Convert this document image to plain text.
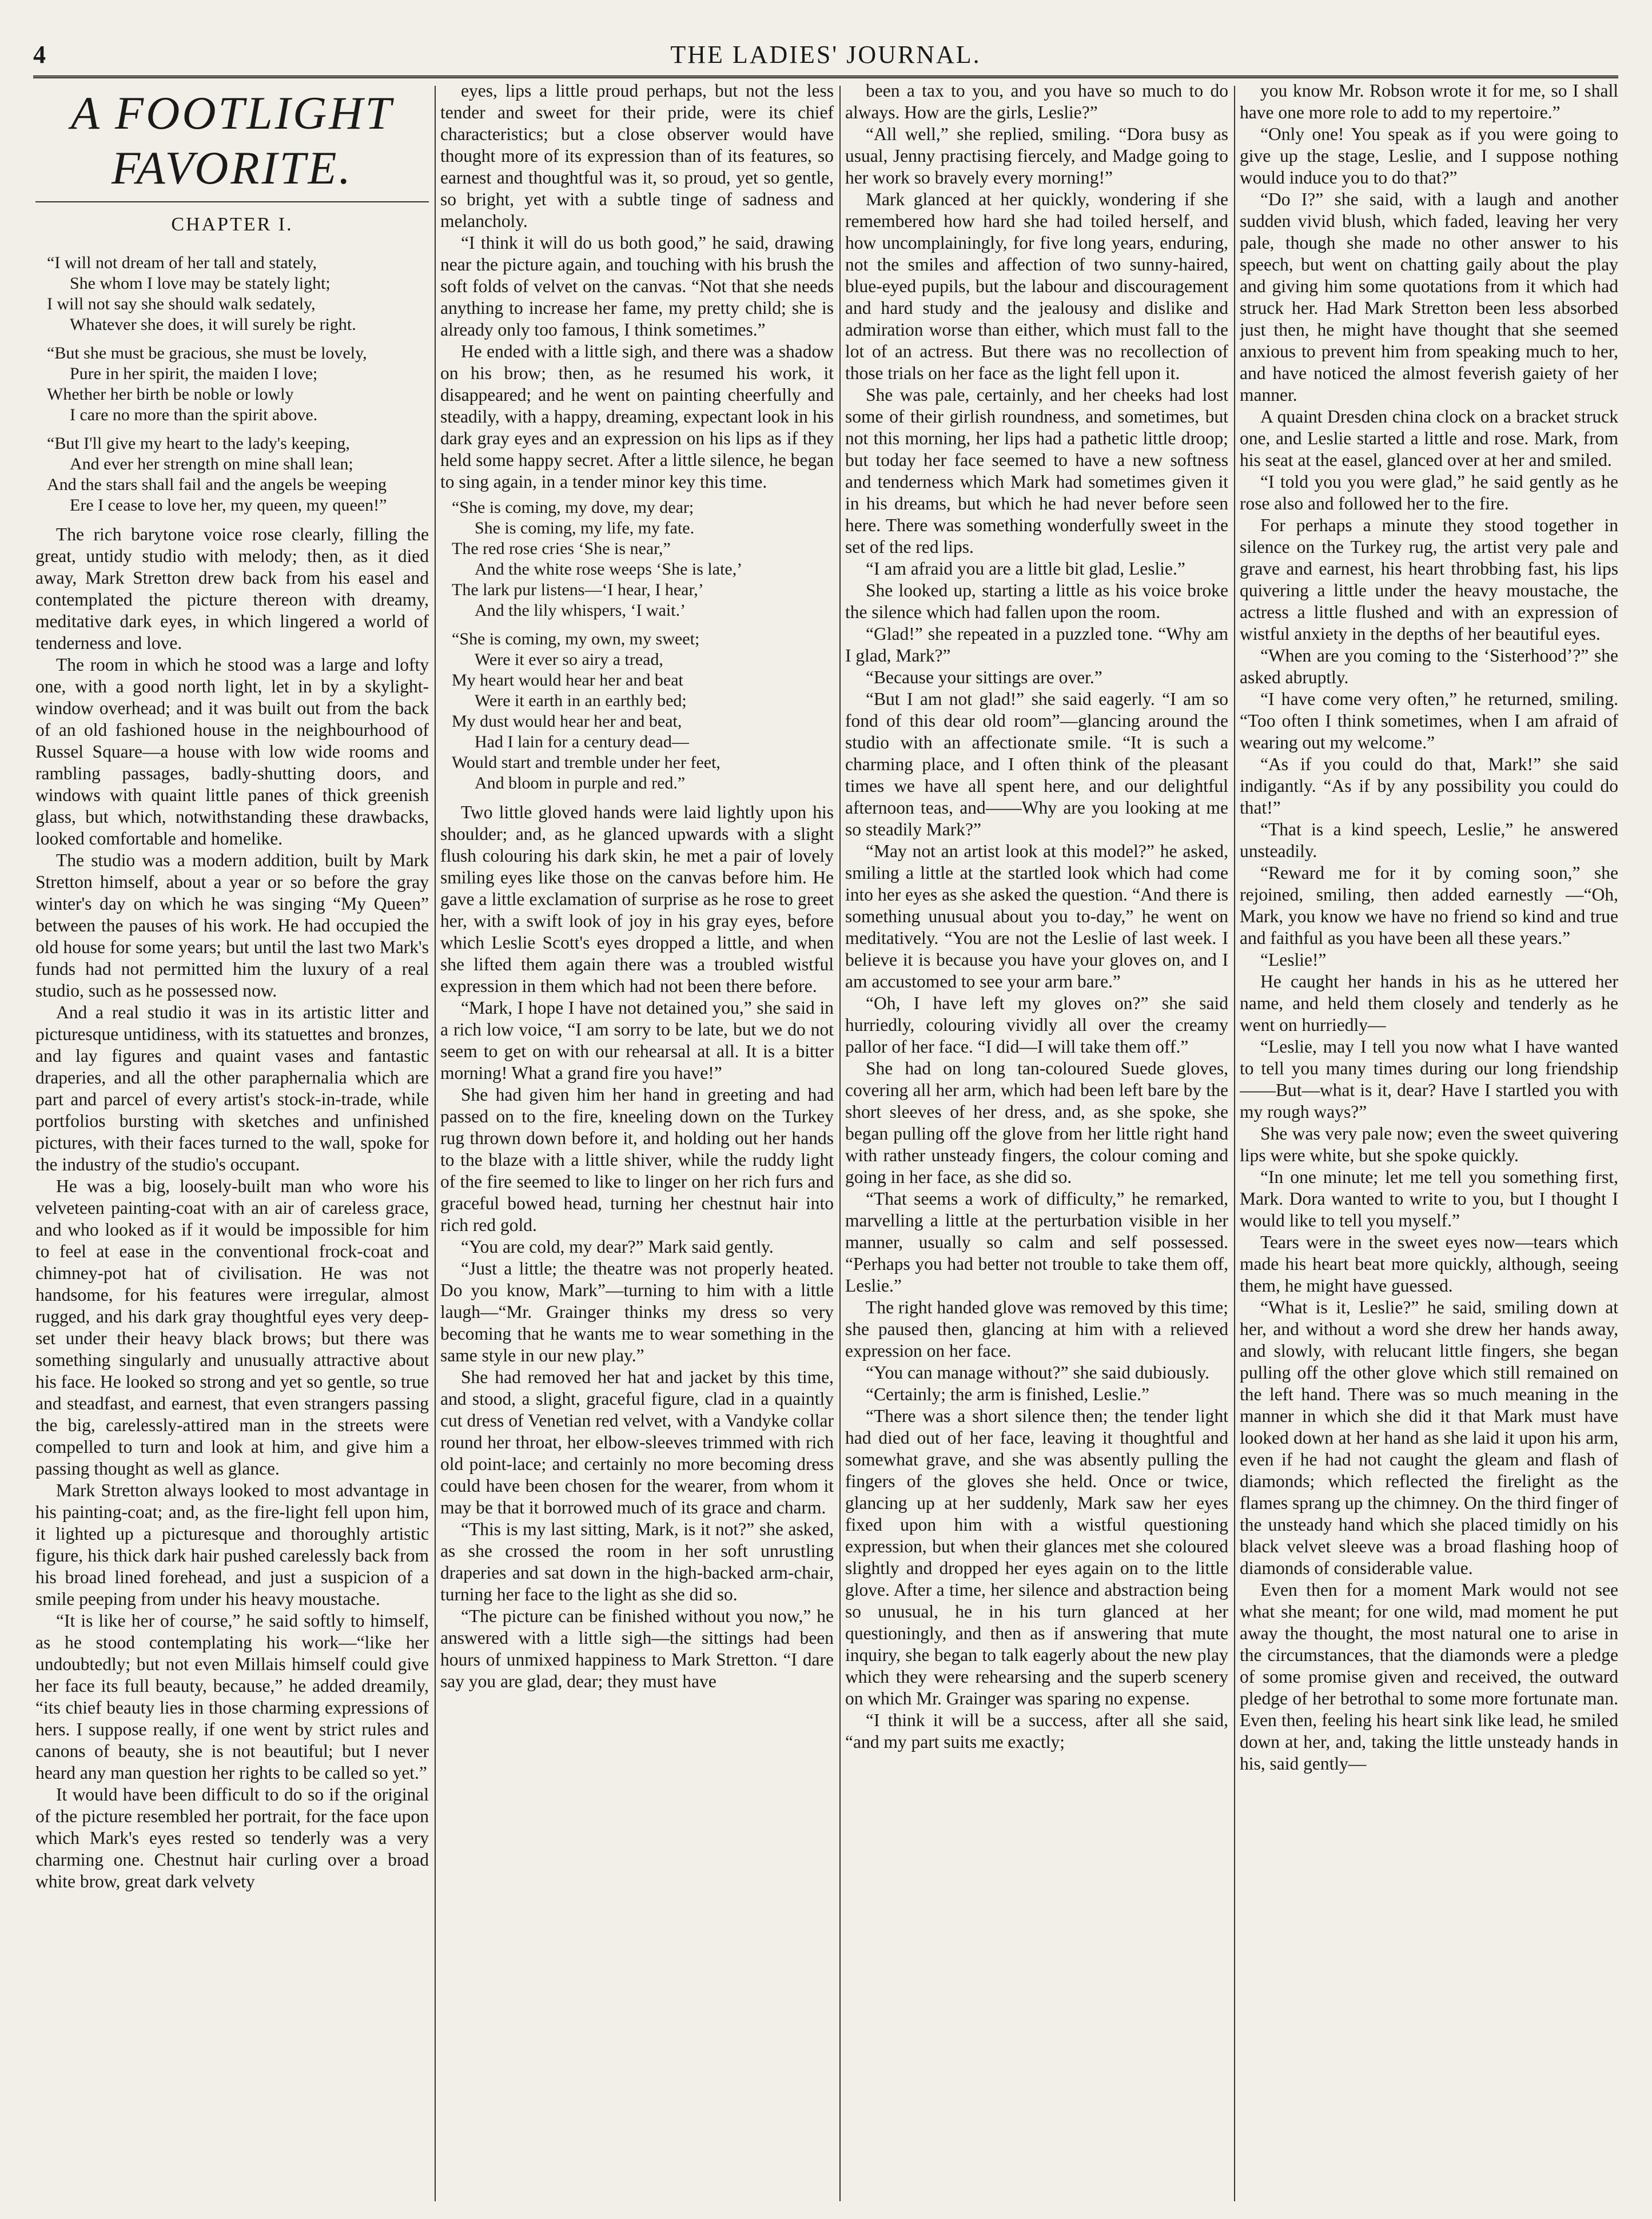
4	THE LADIES' JOURNAL.
A FOOTLIGHT FAVORITE.
CHAPTER I.

“I will not dream of her tall and stately,

She whom I love may be stately light;

I will not say she should walk sedately,

Whatever she does, it will surely be right.

“But she must be gracious, she must be lovely,

Pure in her spirit, the maiden I love;

Whether her birth be noble or lowly

I care no more than the spirit above.

“But I'll give my heart to the lady's keeping,

And ever her strength on mine shall lean;

And the stars shall fail and the angels be weeping

Ere I cease to love her, my queen, my queen!”

The rich barytone voice rose clearly, filling the great, untidy studio with melody; then, as it died away, Mark Stretton drew back from his easel and contemplated the picture thereon with dreamy, meditative dark eyes, in which lingered a world of tenderness and love.

The room in which he stood was a large and lofty one, with a good north light, let in by a skylight-window overhead; and it was built out from the back of an old fashioned house in the neighbourhood of Russel Square—a house with low wide rooms and rambling passages, badly-shutting doors, and windows with quaint little panes of thick greenish glass, but which, notwithstanding these drawbacks, looked comfortable and homelike.

The studio was a modern addition, built by Mark Stretton himself, about a year or so before the gray winter's day on which he was singing “My Queen” between the pauses of his work. He had occupied the old house for some years; but until the last two Mark's funds had not permitted him the luxury of a real studio, such as he possessed now.

And a real studio it was in its artistic litter and picturesque untidiness, with its statuettes and bronzes, and lay figures and quaint vases and fantastic draperies, and all the other paraphernalia which are part and parcel of every artist's stock-in-trade, while portfolios bursting with sketches and unfinished pictures, with their faces turned to the wall, spoke for the industry of the studio's occupant.

He was a big, loosely-built man who wore his velveteen painting-coat with an air of careless grace, and who looked as if it would be impossible for him to feel at ease in the conventional frock-coat and chimney-pot hat of civilisation. He was not handsome, for his features were irregular, almost rugged, and his dark gray thoughtful eyes very deep-set under their heavy black brows; but there was something singularly and unusually attractive about his face. He looked so strong and yet so gentle, so true and steadfast, and earnest, that even strangers passing the big, carelessly-attired man in the streets were compelled to turn and look at him, and give him a passing thought as well as glance.

Mark Stretton always looked to most advantage in his painting-coat; and, as the fire-light fell upon him, it lighted up a picturesque and thoroughly artistic figure, his thick dark hair pushed carelessly back from his broad lined forehead, and just a suspicion of a smile peeping from under his heavy moustache.

“It is like her of course,” he said softly to himself, as he stood contemplating his work—“like her undoubtedly; but not even Millais himself could give her face its full beauty, because,” he added dreamily, “its chief beauty lies in those charming expressions of hers. I suppose really, if one went by strict rules and canons of beauty, she is not beautiful; but I never heard any man question her rights to be called so yet.”

It would have been difficult to do so if the original of the picture resembled her portrait, for the face upon which Mark's eyes rested so tenderly was a very charming one. Chestnut hair curling over a broad white brow, great dark velvety

eyes, lips a little proud perhaps, but not the less tender and sweet for their pride, were its chief characteristics; but a close observer would have thought more of its expression than of its features, so earnest and thoughtful was it, so proud, yet so gentle, so bright, yet with a subtle tinge of sadness and melancholy.

“I think it will do us both good,” he said, drawing near the picture again, and touching with his brush the soft folds of velvet on the canvas. “Not that she needs anything to increase her fame, my pretty child; she is already only too famous, I think sometimes.”

He ended with a little sigh, and there was a shadow on his brow; then, as he resumed his work, it disappeared; and he went on painting cheerfully and steadily, with a happy, dreaming, expectant look in his dark gray eyes and an expression on his lips as if they held some happy secret. After a little silence, he began to sing again, in a tender minor key this time.

“She is coming, my dove, my dear;

She is coming, my life, my fate.

The red rose cries ‘She is near,”

And the white rose weeps ‘She is late,’

The lark pur listens—‘I hear, I hear,’

And the lily whispers, ‘I wait.’

“She is coming, my own, my sweet;

Were it ever so airy a tread,

My heart would hear her and beat

Were it earth in an earthly bed;

My dust would hear her and beat,

Had I lain for a century dead—

Would start and tremble under her feet,

And bloom in purple and red.”

Two little gloved hands were laid lightly upon his shoulder; and, as he glanced upwards with a slight flush colouring his dark skin, he met a pair of lovely smiling eyes like those on the canvas before him. He gave a little exclamation of surprise as he rose to greet her, with a swift look of joy in his gray eyes, before which Leslie Scott's eyes dropped a little, and when she lifted them again there was a troubled wistful expression in them which had not been there before.

“Mark, I hope I have not detained you,” she said in a rich low voice, “I am sorry to be late, but we do not seem to get on with our rehearsal at all. It is a bitter morning! What a grand fire you have!”

She had given him her hand in greeting and had passed on to the fire, kneeling down on the Turkey rug thrown down before it, and holding out her hands to the blaze with a little shiver, while the ruddy light of the fire seemed to like to linger on her rich furs and graceful bowed head, turning her chestnut hair into rich red gold.

“You are cold, my dear?” Mark said gently.

“Just a little; the theatre was not properly heated. Do you know, Mark”—turning to him with a little laugh—“Mr. Grainger thinks my dress so very becoming that he wants me to wear something in the same style in our new play.”

She had removed her hat and jacket by this time, and stood, a slight, graceful figure, clad in a quaintly cut dress of Venetian red velvet, with a Vandyke collar round her throat, her elbow-sleeves trimmed with rich old point-lace; and certainly no more becoming dress could have been chosen for the wearer, from whom it may be that it borrowed much of its grace and charm.

“This is my last sitting, Mark, is it not?” she asked, as she crossed the room in her soft unrustling draperies and sat down in the high-backed arm-chair, turning her face to the light as she did so.

“The picture can be finished without you now,” he answered with a little sigh—the sittings had been hours of unmixed happiness to Mark Stretton. “I dare say you are glad, dear; they must have

been a tax to you, and you have so much to do always. How are the girls, Leslie?”

“All well,” she replied, smiling. “Dora busy as usual, Jenny practising fiercely, and Madge going to her work so bravely every morning!”

Mark glanced at her quickly, wondering if she remembered how hard she had toiled herself, and how uncomplainingly, for five long years, enduring, not the smiles and affection of two sunny-haired, blue-eyed pupils, but the labour and discouragement and hard study and the jealousy and dislike and admiration worse than either, which must fall to the lot of an actress. But there was no recollection of those trials on her face as the light fell upon it.

She was pale, certainly, and her cheeks had lost some of their girlish roundness, and sometimes, but not this morning, her lips had a pathetic little droop; but today her face seemed to have a new softness and tenderness which Mark had sometimes given it in his dreams, but which he had never before seen here. There was something wonderfully sweet in the set of the red lips.

“I am afraid you are a little bit glad, Leslie.”

She looked up, starting a little as his voice broke the silence which had fallen upon the room.

“Glad!” she repeated in a puzzled tone. “Why am I glad, Mark?”

“Because your sittings are over.”

“But I am not glad!” she said eagerly. “I am so fond of this dear old room”—glancing around the studio with an affectionate smile. “It is such a charming place, and I often think of the pleasant times we have all spent here, and our delightful afternoon teas, and——Why are you looking at me so steadily Mark?”

“May not an artist look at this model?” he asked, smiling a little at the startled look which had come into her eyes as she asked the question. “And there is something unusual about you to-day,” he went on meditatively. “You are not the Leslie of last week. I believe it is because you have your gloves on, and I am accustomed to see your arm bare.”

“Oh, I have left my gloves on?” she said hurriedly, colouring vividly all over the creamy pallor of her face. “I did—I will take them off.”

She had on long tan-coloured Suede gloves, covering all her arm, which had been left bare by the short sleeves of her dress, and, as she spoke, she began pulling off the glove from her little right hand with rather unsteady fingers, the colour coming and going in her face, as she did so.

“That seems a work of difficulty,” he remarked, marvelling a little at the perturbation visible in her manner, usually so calm and self possessed. “Perhaps you had better not trouble to take them off, Leslie.”

The right handed glove was removed by this time; she paused then, glancing at him with a relieved expression on her face.

“You can manage without?” she said dubiously.

“Certainly; the arm is finished, Leslie.”

“There was a short silence then; the tender light had died out of her face, leaving it thoughtful and somewhat grave, and she was absently pulling the fingers of the gloves she held. Once or twice, glancing up at her suddenly, Mark saw her eyes fixed upon him with a wistful questioning expression, but when their glances met she coloured slightly and dropped her eyes again on to the little glove. After a time, her silence and abstraction being so unusual, he in his turn glanced at her questioningly, and then as if answering that mute inquiry, she began to talk eagerly about the new play which they were rehearsing and the superb scenery on which Mr. Grainger was sparing no expense.

“I think it will be a success, after all she said, “and my part suits me exactly;

you know Mr. Robson wrote it for me, so I shall have one more role to add to my repertoire.”

“Only one! You speak as if you were going to give up the stage, Leslie, and I suppose nothing would induce you to do that?”

“Do I?” she said, with a laugh and another sudden vivid blush, which faded, leaving her very pale, though she made no other answer to his speech, but went on chatting gaily about the play and giving him some quotations from it which had struck her. Had Mark Stretton been less absorbed just then, he might have thought that she seemed anxious to prevent him from speaking much to her, and have noticed the almost feverish gaiety of her manner.

A quaint Dresden china clock on a bracket struck one, and Leslie started a little and rose. Mark, from his seat at the easel, glanced over at her and smiled.

“I told you you were glad,” he said gently as he rose also and followed her to the fire.

For perhaps a minute they stood together in silence on the Turkey rug, the artist very pale and grave and earnest, his heart throbbing fast, his lips quivering a little under the heavy moustache, the actress a little flushed and with an expression of wistful anxiety in the depths of her beautiful eyes.

“When are you coming to the ‘Sisterhood’?” she asked abruptly.

“I have come very often,” he returned, smiling. “Too often I think sometimes, when I am afraid of wearing out my welcome.”

“As if you could do that, Mark!” she said indigantly. “As if by any possibility you could do that!”

“That is a kind speech, Leslie,” he answered unsteadily.

“Reward me for it by coming soon,” she rejoined, smiling, then added earnestly —“Oh, Mark, you know we have no friend so kind and true and faithful as you have been all these years.”

“Leslie!”

He caught her hands in his as he uttered her name, and held them closely and tenderly as he went on hurriedly—

“Leslie, may I tell you now what I have wanted to tell you many times during our long friendship——But—what is it, dear? Have I startled you with my rough ways?”

She was very pale now; even the sweet quivering lips were white, but she spoke quickly.

“In one minute; let me tell you something first, Mark. Dora wanted to write to you, but I thought I would like to tell you myself.”

Tears were in the sweet eyes now—tears which made his heart beat more quickly, although, seeing them, he might have guessed.

“What is it, Leslie?” he said, smiling down at her, and without a word she drew her hands away, and slowly, with relucant little fingers, she began pulling off the other glove which still remained on the left hand. There was so much meaning in the manner in which she did it that Mark must have looked down at her hand as she laid it upon his arm, even if he had not caught the gleam and flash of diamonds; which reflected the firelight as the flames sprang up the chimney. On the third finger of the unsteady hand which she placed timidly on his black velvet sleeve was a broad flashing hoop of diamonds of considerable value.

Even then for a moment Mark would not see what she meant; for one wild, mad moment he put away the thought, the most natural one to arise in the circumstances, that the diamonds were a pledge of some promise given and received, the outward pledge of her betrothal to some more fortunate man. Even then, feeling his heart sink like lead, he smiled down at her, and, taking the little unsteady hands in his, said gently—
